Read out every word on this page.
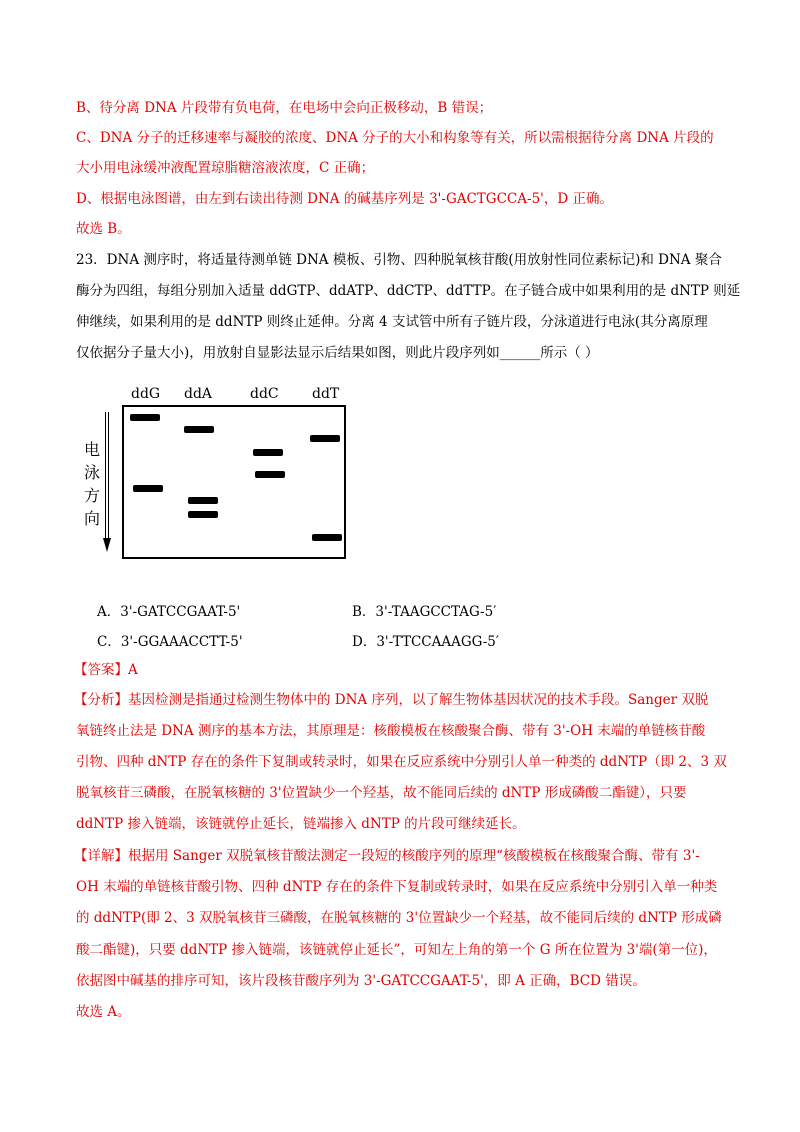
B、待分离 DNA 片段带有负电荷，在电场中会向正极移动，B 错误；
C、DNA 分子的迁移速率与凝胶的浓度、DNA 分子的大小和构象等有关，所以需根据待分离 DNA 片段的
大小用电泳缓冲液配置琼脂糖溶液浓度，C 正确；
D、根据电泳图谱，由左到右读出待测 DNA 的碱基序列是 3'-GACTGCCA-5'，D 正确。
故选 B。
23．DNA 测序时，将适量待测单链 DNA 模板、引物、四种脱氧核苷酸(用放射性同位素标记)和 DNA 聚合
酶分为四组，每组分别加入适量 ddGTP、ddATP、ddCTP、ddTTP。在子链合成中如果利用的是 dNTP 则延
伸继续，如果利用的是 ddNTP 则终止延伸。分离 4 支试管中所有子链片段，分泳道进行电泳(其分离原理
仅依据分子量大小)，用放射自显影法显示后结果如图，则此片段序列如______所示（ ）
ddG ddA	ddC ddT
电
泳
方
向
A．3'-GATCCGAAT-5'	B．3'-TAAGCCTAG-5′
C．3'-GGAAACCTT-5'	D．3'-TTCCAAAGG-5′
【答案】A
【分析】基因检测是指通过检测生物体中的 DNA 序列，以了解生物体基因状况的技术手段。Sanger 双脱
氧链终止法是 DNA 测序的基本方法，其原理是：核酸模板在核酸聚合酶、带有 3'-OH 末端的单链核苷酸
引物、四种 dNTP 存在的条件下复制或转录时，如果在反应系统中分别引人单一种类的 ddNTP（即 2、3 双
脱氧核苷三磷酸，在脱氧核糖的 3'位置缺少一个羟基，故不能同后续的 dNTP 形成磷酸二酯键），只要
ddNTP 掺入链端，该链就停止延长，链端掺入 dNTP 的片段可继续延长。
【详解】根据用 Sanger 双脱氧核苷酸法测定一段短的核酸序列的原理“核酸模板在核酸聚合酶、带有 3'-
OH 末端的单链核苷酸引物、四种 dNTP 存在的条件下复制或转录时，如果在反应系统中分别引入单一种类
的 ddNTP(即 2、3 双脱氧核苷三磷酸，在脱氧核糖的 3'位置缺少一个羟基，故不能同后续的 dNTP 形成磷
酸二酯键)，只要 ddNTP 掺入链端，该链就停止延长”，可知左上角的第一个 G 所在位置为 3'端(第一位)，
依据图中碱基的排序可知，该片段核苷酸序列为 3'-GATCCGAAT-5'，即 A 正确，BCD 错误。
故选 A。
